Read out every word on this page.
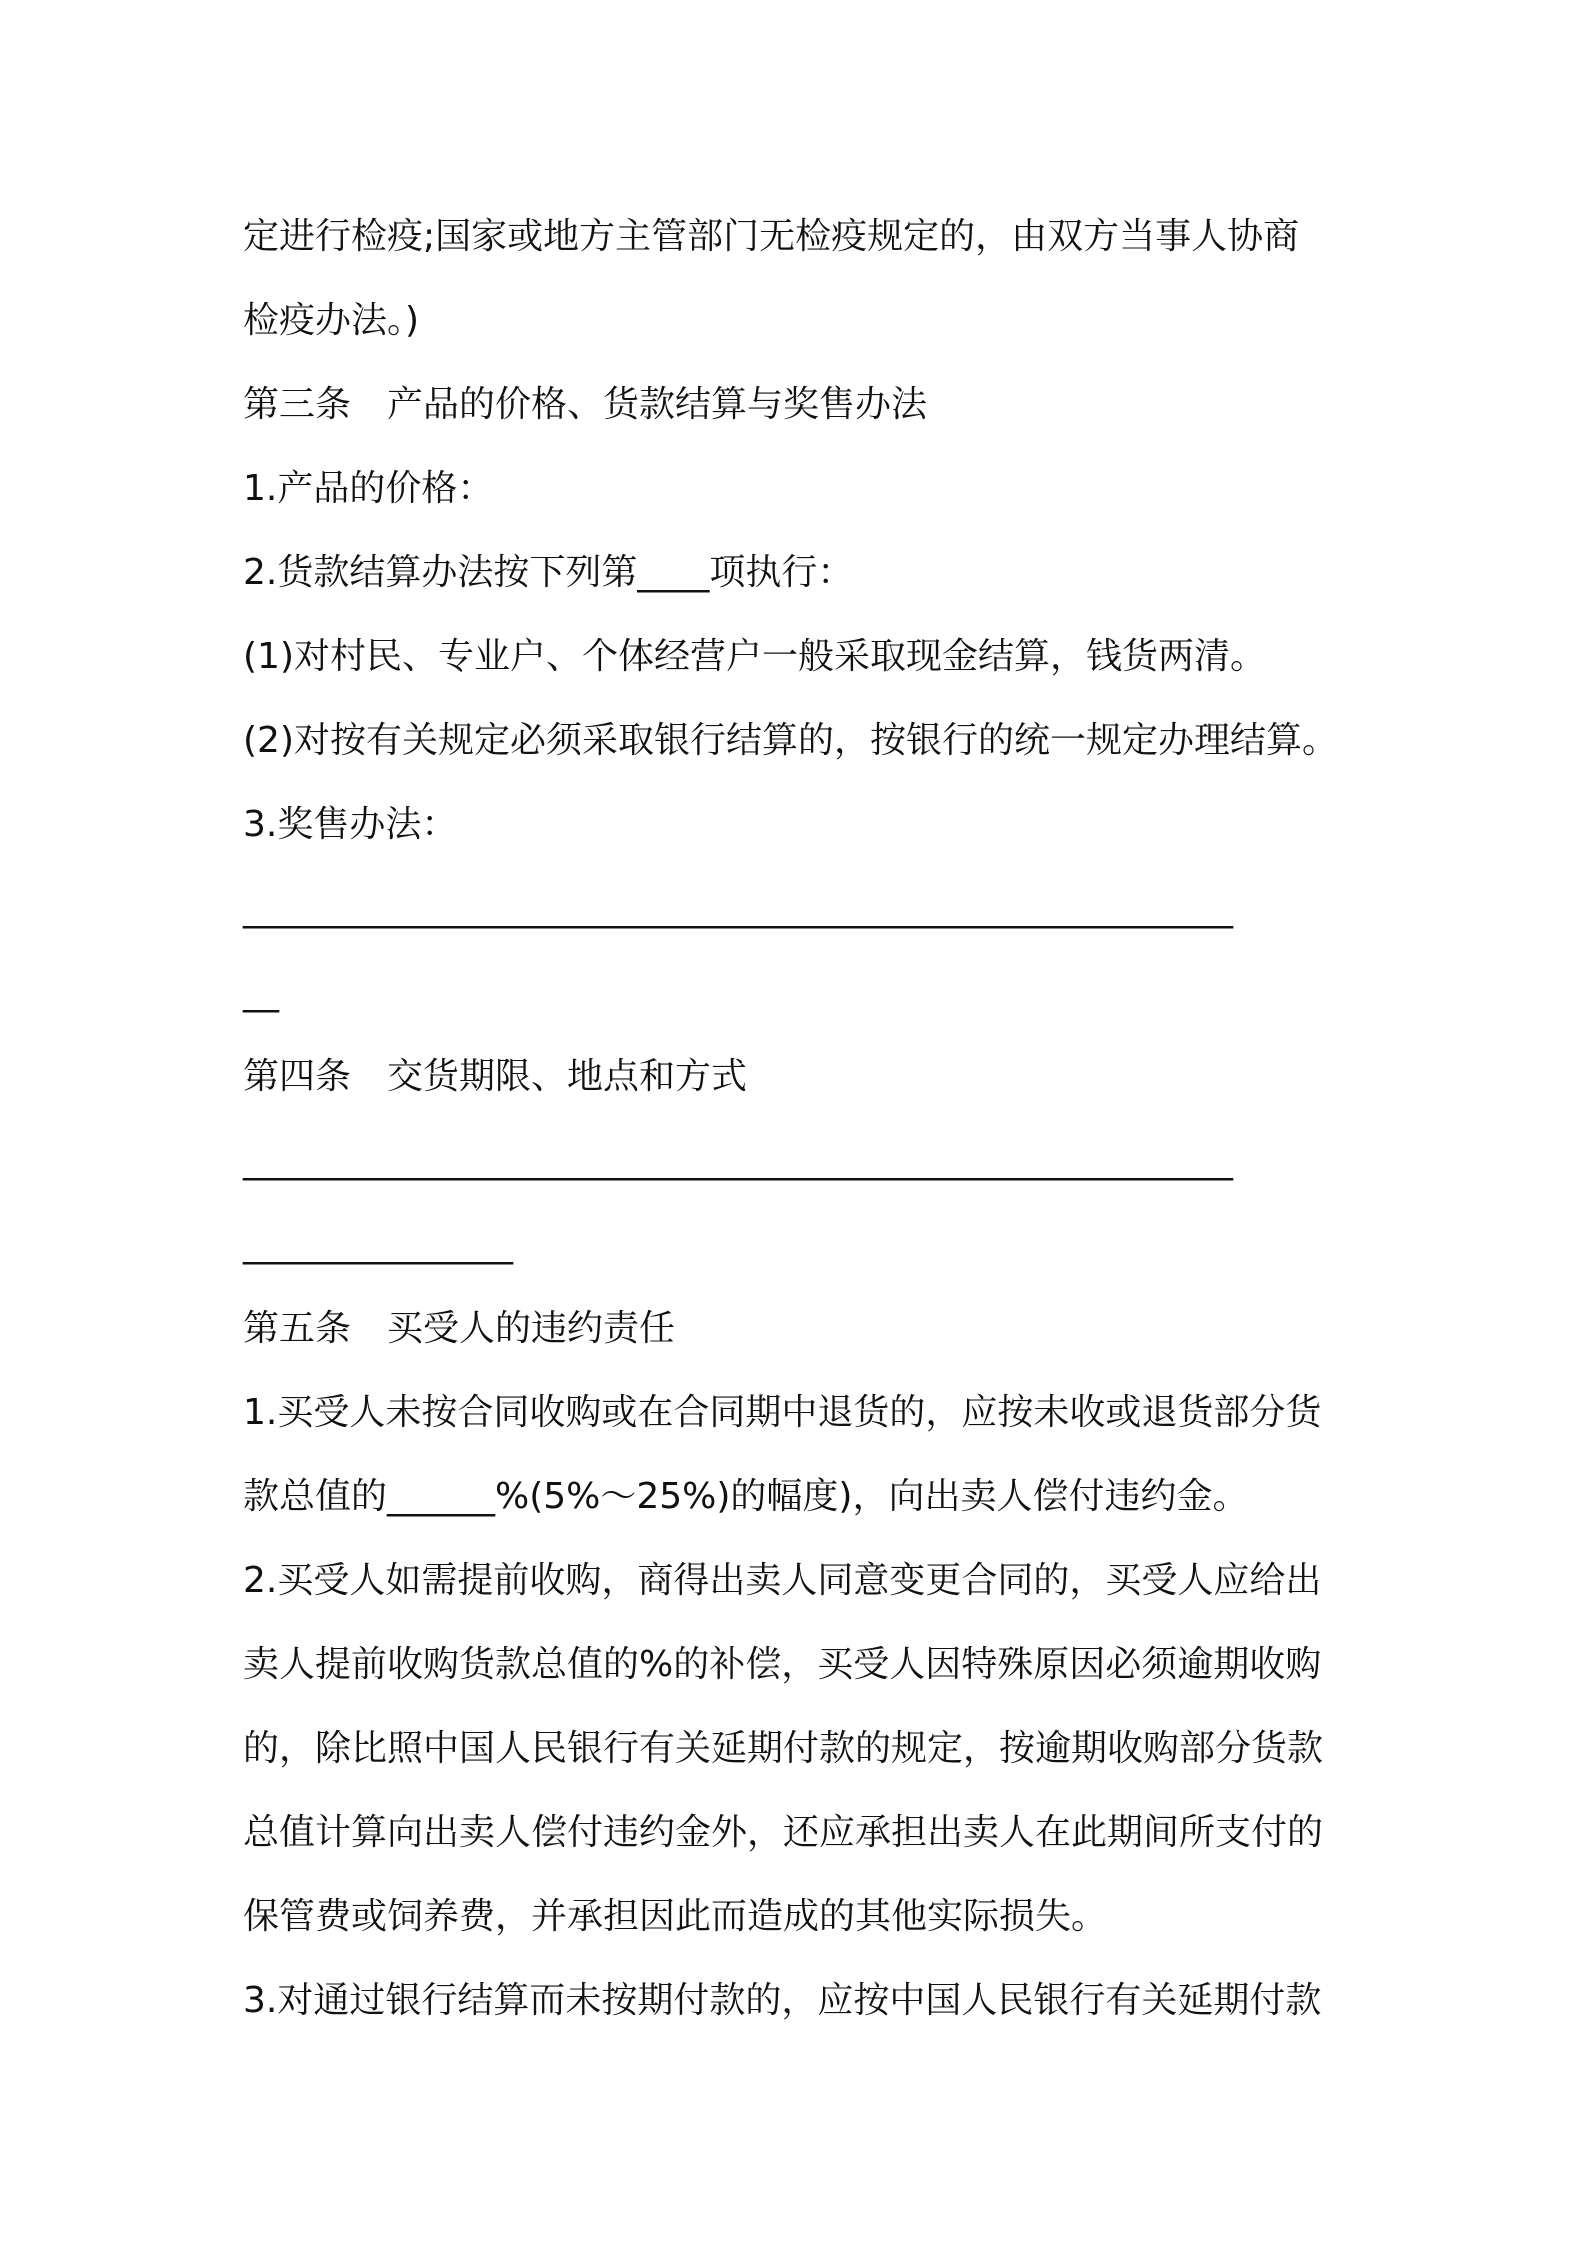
定进行检疫;国家或地方主管部门无检疫规定的，由双方当事人协商
检疫办法。)
第三条　产品的价格、货款结算与奖售办法
1.产品的价格：
2.货款结算办法按下列第____项执行：
(1)对村民、专业户、个体经营户一般采取现金结算，钱货两清。
(2)对按有关规定必须采取银行结算的，按银行的统一规定办理结算。
3.奖售办法：
_______________________________________________________
__
第四条　交货期限、地点和方式
_______________________________________________________
_______________
第五条　买受人的违约责任
1.买受人未按合同收购或在合同期中退货的，应按未收或退货部分货
款总值的______%(5%～25%)的幅度)，向出卖人偿付违约金。
2.买受人如需提前收购，商得出卖人同意变更合同的，买受人应给出
卖人提前收购货款总值的%的补偿，买受人因特殊原因必须逾期收购
的，除比照中国人民银行有关延期付款的规定，按逾期收购部分货款
总值计算向出卖人偿付违约金外，还应承担出卖人在此期间所支付的
保管费或饲养费，并承担因此而造成的其他实际损失。
3.对通过银行结算而未按期付款的，应按中国人民银行有关延期付款
